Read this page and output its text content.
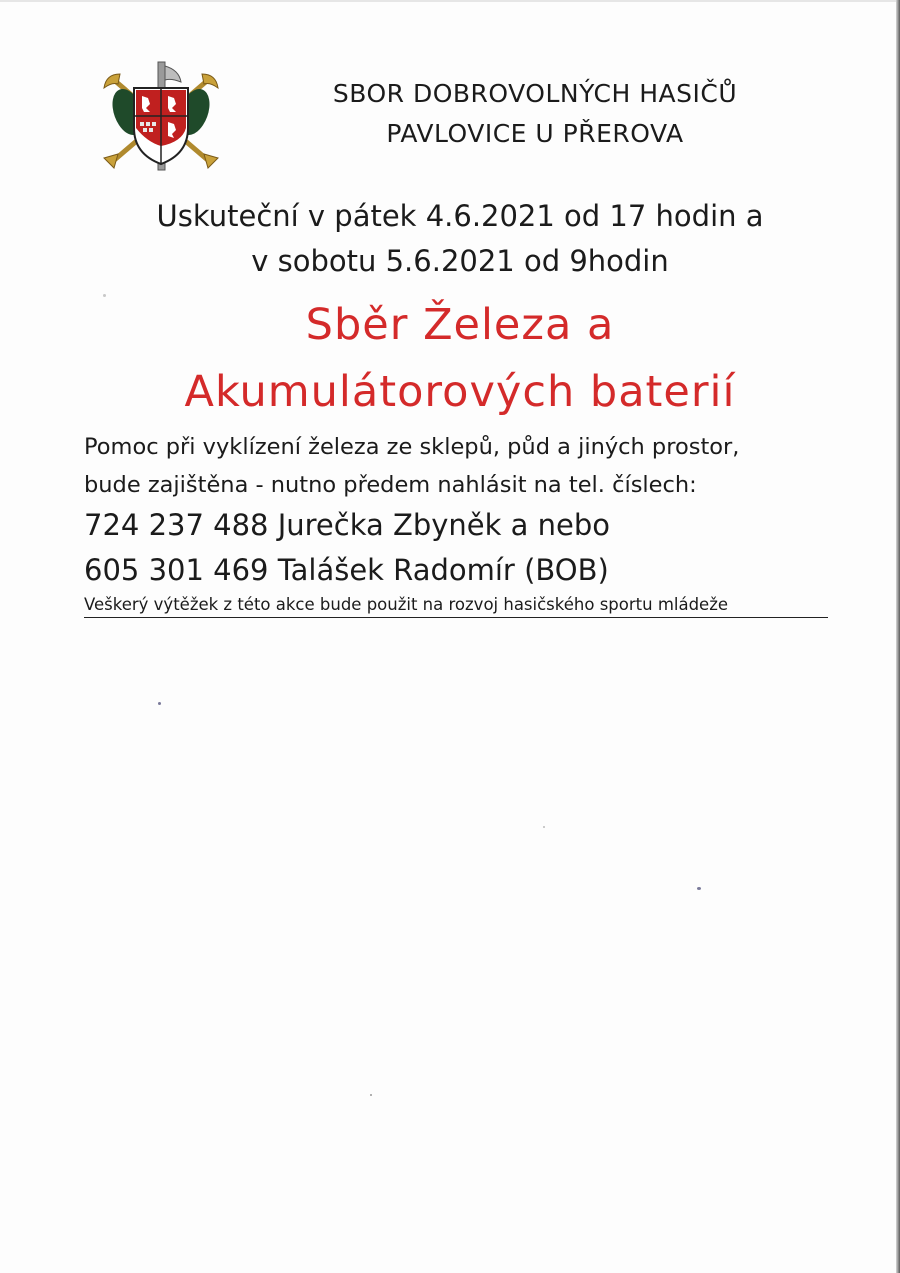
SBOR DOBROVOLNÝCH HASIČŮ
PAVLOVICE U PŘEROVA
Uskuteční v pátek 4.6.2021 od 17 hodin a
v sobotu 5.6.2021 od 9hodin
Sběr Železa a
Akumulátorových baterií
Pomoc při vyklízení železa ze sklepů, půd a jiných prostor,
bude zajištěna - nutno předem nahlásit na tel. číslech:
724 237 488 Jurečka Zbyněk a nebo
605 301 469 Talášek Radomír (BOB)
Veškerý výtěžek z této akce bude použit na rozvoj hasičského sportu mládeže
